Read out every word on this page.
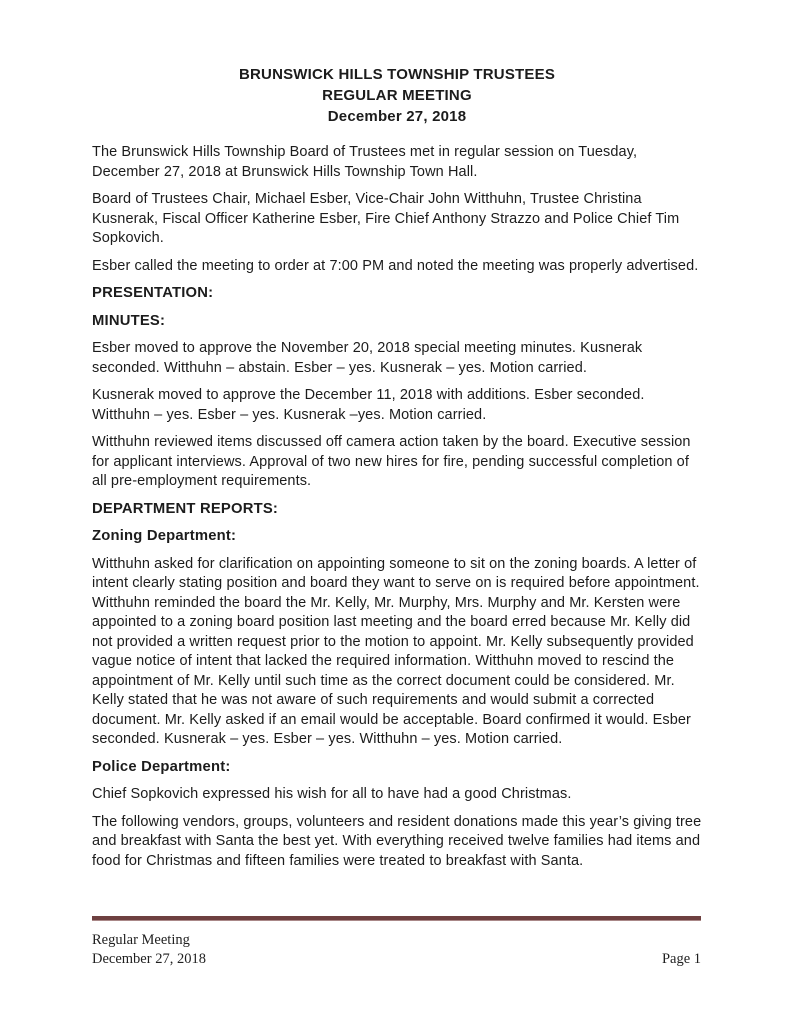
BRUNSWICK HILLS TOWNSHIP TRUSTEES
REGULAR MEETING
December 27, 2018

The Brunswick Hills Township Board of Trustees met in regular session on Tuesday, December 27, 2018 at Brunswick Hills Township Town Hall.

Board of Trustees Chair, Michael Esber, Vice-Chair John Witthuhn, Trustee Christina Kusnerak, Fiscal Officer Katherine Esber, Fire Chief Anthony Strazzo and Police Chief Tim Sopkovich.

Esber called the meeting to order at 7:00 PM and noted the meeting was properly advertised.

PRESENTATION:
MINUTES:

Esber moved to approve the November 20, 2018 special meeting minutes. Kusnerak seconded. Witthuhn – abstain. Esber – yes. Kusnerak – yes. Motion carried.

Kusnerak moved to approve the December 11, 2018 with additions. Esber seconded. Witthuhn – yes. Esber – yes. Kusnerak –yes. Motion carried.

Witthuhn reviewed items discussed off camera action taken by the board. Executive session for applicant interviews. Approval of two new hires for fire, pending successful completion of all pre-employment requirements.

DEPARTMENT REPORTS:
Zoning Department:

Witthuhn asked for clarification on appointing someone to sit on the zoning boards. A letter of intent clearly stating position and board they want to serve on is required before appointment. Witthuhn reminded the board the Mr. Kelly, Mr. Murphy, Mrs. Murphy and Mr. Kersten were appointed to a zoning board position last meeting and the board erred because Mr. Kelly did not provided a written request prior to the motion to appoint. Mr. Kelly subsequently provided vague notice of intent that lacked the required information. Witthuhn moved to rescind the appointment of Mr. Kelly until such time as the correct document could be considered. Mr. Kelly stated that he was not aware of such requirements and would submit a corrected document. Mr. Kelly asked if an email would be acceptable. Board confirmed it would. Esber seconded. Kusnerak – yes. Esber – yes. Witthuhn – yes. Motion carried.

Police Department:

Chief Sopkovich expressed his wish for all to have had a good Christmas.

The following vendors, groups, volunteers and resident donations made this year’s giving tree and breakfast with Santa the best yet. With everything received twelve families had items and food for Christmas and fifteen families were treated to breakfast with Santa.

Regular Meeting
December 27, 2018	Page 1
